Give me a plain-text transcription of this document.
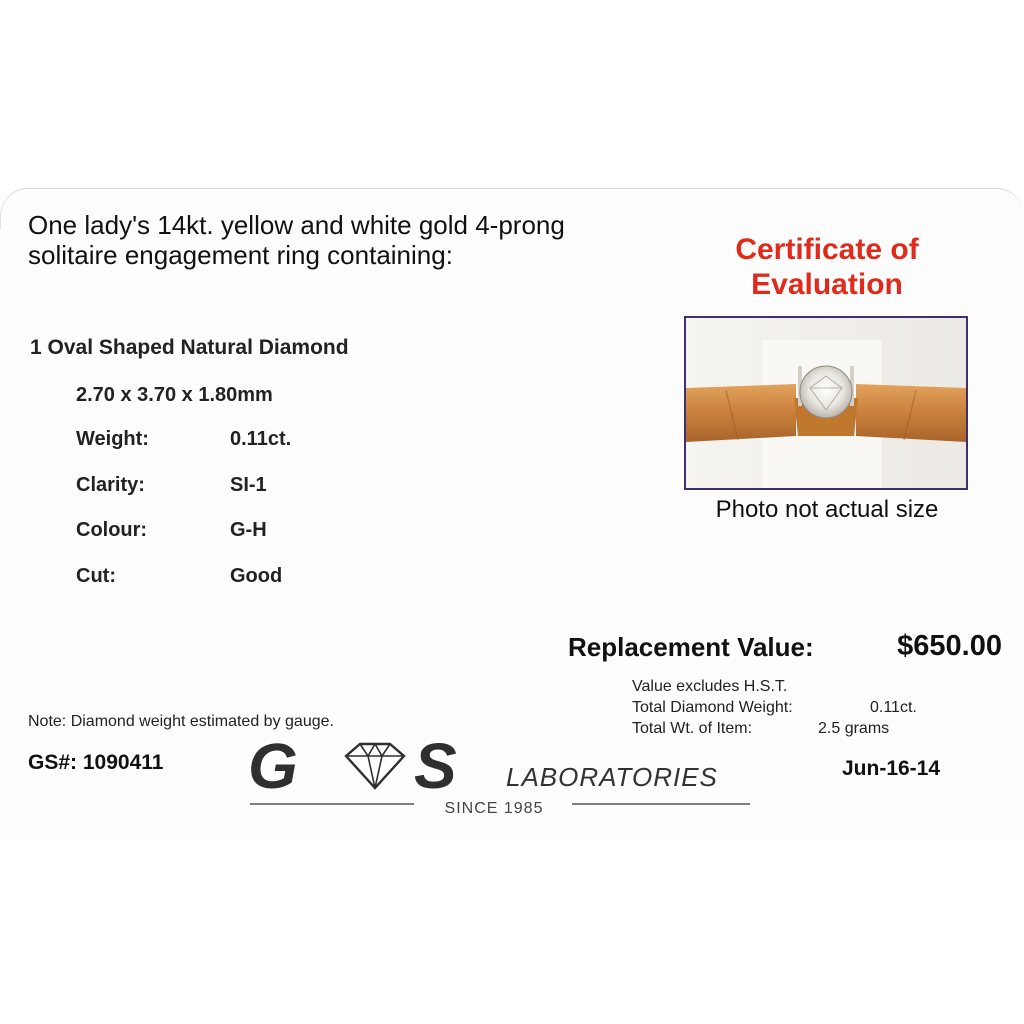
One lady's 14kt. yellow and white gold 4-prong
solitaire engagement ring containing:	Certificate of
Evaluation
Photo not actual size
1 Oval Shaped Natural Diamond
2.70 x 3.70 x 1.80mm
Weight:	0.11ct.
Clarity:	SI-1
Colour:	G-H
Cut:	Good
Replacement Value:	$650.00
Value excludes H.S.T.
Total Diamond Weight:	0.11ct.
Total Wt. of Item:	2.5 grams
Note: Diamond weight estimated by gauge.
GS#: 1090411	Jun-16-14
G S LABORATORIES
SINCE 1985
